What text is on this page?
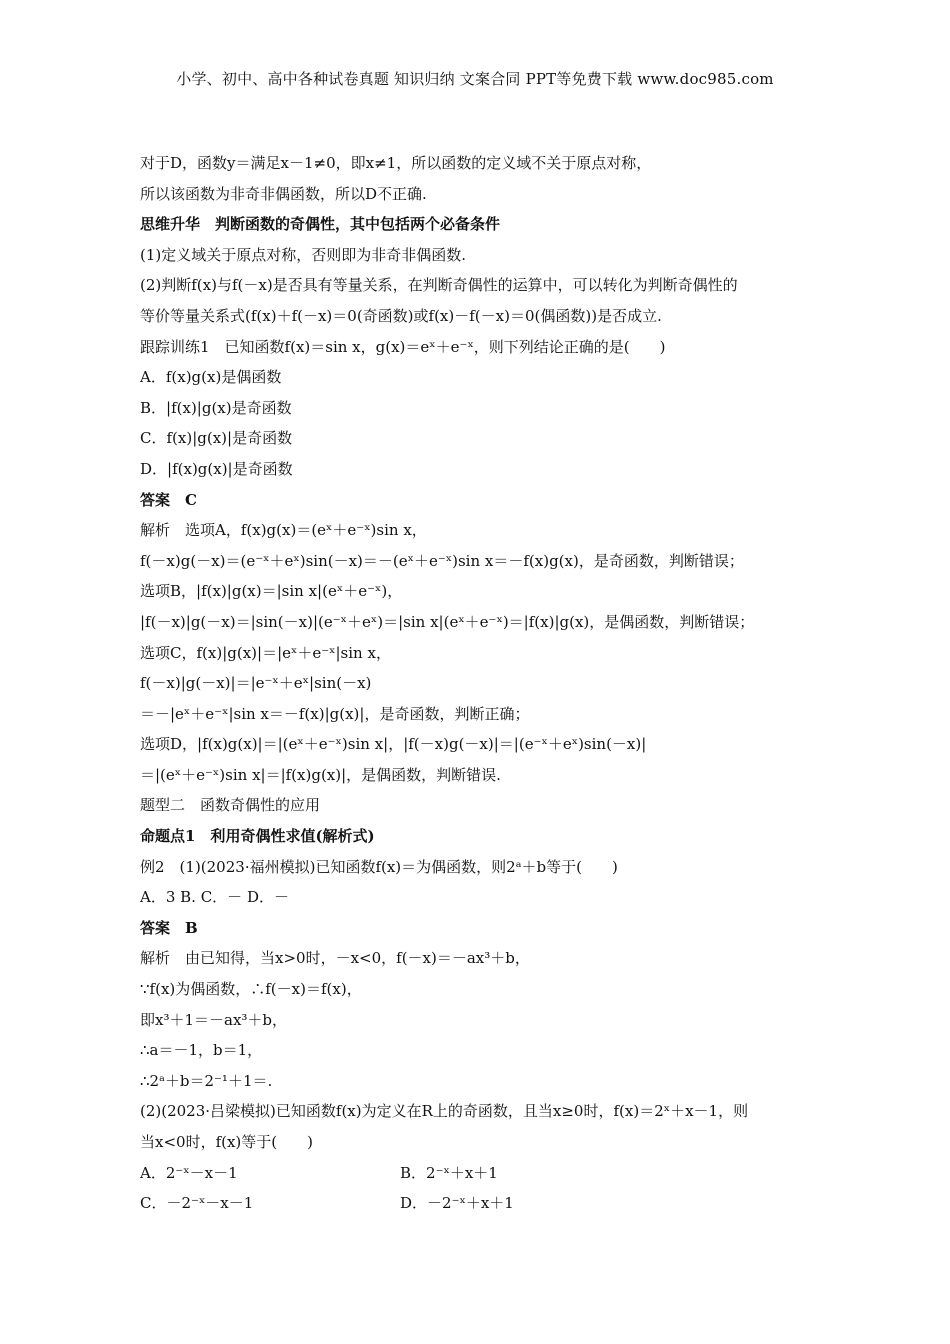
小学、初中、高中各种试卷真题 知识归纳 文案合同 PPT等免费下载 www.doc985.com
对于D，函数y＝满足x－1≠0，即x≠1，所以函数的定义域不关于原点对称，
所以该函数为非奇非偶函数，所以D不正确.
思维升华　判断函数的奇偶性，其中包括两个必备条件
(1)定义域关于原点对称，否则即为非奇非偶函数.
(2)判断f(x)与f(－x)是否具有等量关系，在判断奇偶性的运算中，可以转化为判断奇偶性的
等价等量关系式(f(x)＋f(－x)＝0(奇函数)或f(x)－f(－x)＝0(偶函数))是否成立.
跟踪训练1　已知函数f(x)＝sin x，g(x)＝eˣ＋e⁻ˣ，则下列结论正确的是(　　)
A．f(x)g(x)是偶函数
B．|f(x)|g(x)是奇函数
C．f(x)|g(x)|是奇函数
D．|f(x)g(x)|是奇函数
答案　C
解析　选项A，f(x)g(x)＝(eˣ＋e⁻ˣ)sin x，
f(－x)g(－x)＝(e⁻ˣ＋eˣ)sin(－x)＝－(eˣ＋e⁻ˣ)sin x＝－f(x)g(x)，是奇函数，判断错误；
选项B，|f(x)|g(x)＝|sin x|(eˣ＋e⁻ˣ)，
|f(－x)|g(－x)＝|sin(－x)|(e⁻ˣ＋eˣ)＝|sin x|(eˣ＋e⁻ˣ)＝|f(x)|g(x)，是偶函数，判断错误；
选项C，f(x)|g(x)|＝|eˣ＋e⁻ˣ|sin x，
f(－x)|g(－x)|＝|e⁻ˣ＋eˣ|sin(－x)
＝－|eˣ＋e⁻ˣ|sin x＝－f(x)|g(x)|，是奇函数，判断正确；
选项D，|f(x)g(x)|＝|(eˣ＋e⁻ˣ)sin x|，|f(－x)g(－x)|＝|(e⁻ˣ＋eˣ)sin(－x)|
＝|(eˣ＋e⁻ˣ)sin x|＝|f(x)g(x)|，是偶函数，判断错误.
题型二　函数奇偶性的应用
命题点1　利用奇偶性求值(解析式)
例2　(1)(2023·福州模拟)已知函数f(x)＝为偶函数，则2ᵃ＋b等于(　　)
A．3 B. C．－ D．－
答案　B
解析　由已知得，当x>0时，－x<0，f(－x)＝－ax³＋b，
∵f(x)为偶函数，∴f(－x)＝f(x)，
即x³＋1＝－ax³＋b，
∴a＝－1，b＝1，
∴2ᵃ＋b＝2⁻¹＋1＝.
(2)(2023·吕梁模拟)已知函数f(x)为定义在R上的奇函数，且当x≥0时，f(x)＝2ˣ＋x－1，则
当x<0时，f(x)等于(　　)
A．2⁻ˣ－x－1	B．2⁻ˣ＋x＋1
C．－2⁻ˣ－x－1	D．－2⁻ˣ＋x＋1
